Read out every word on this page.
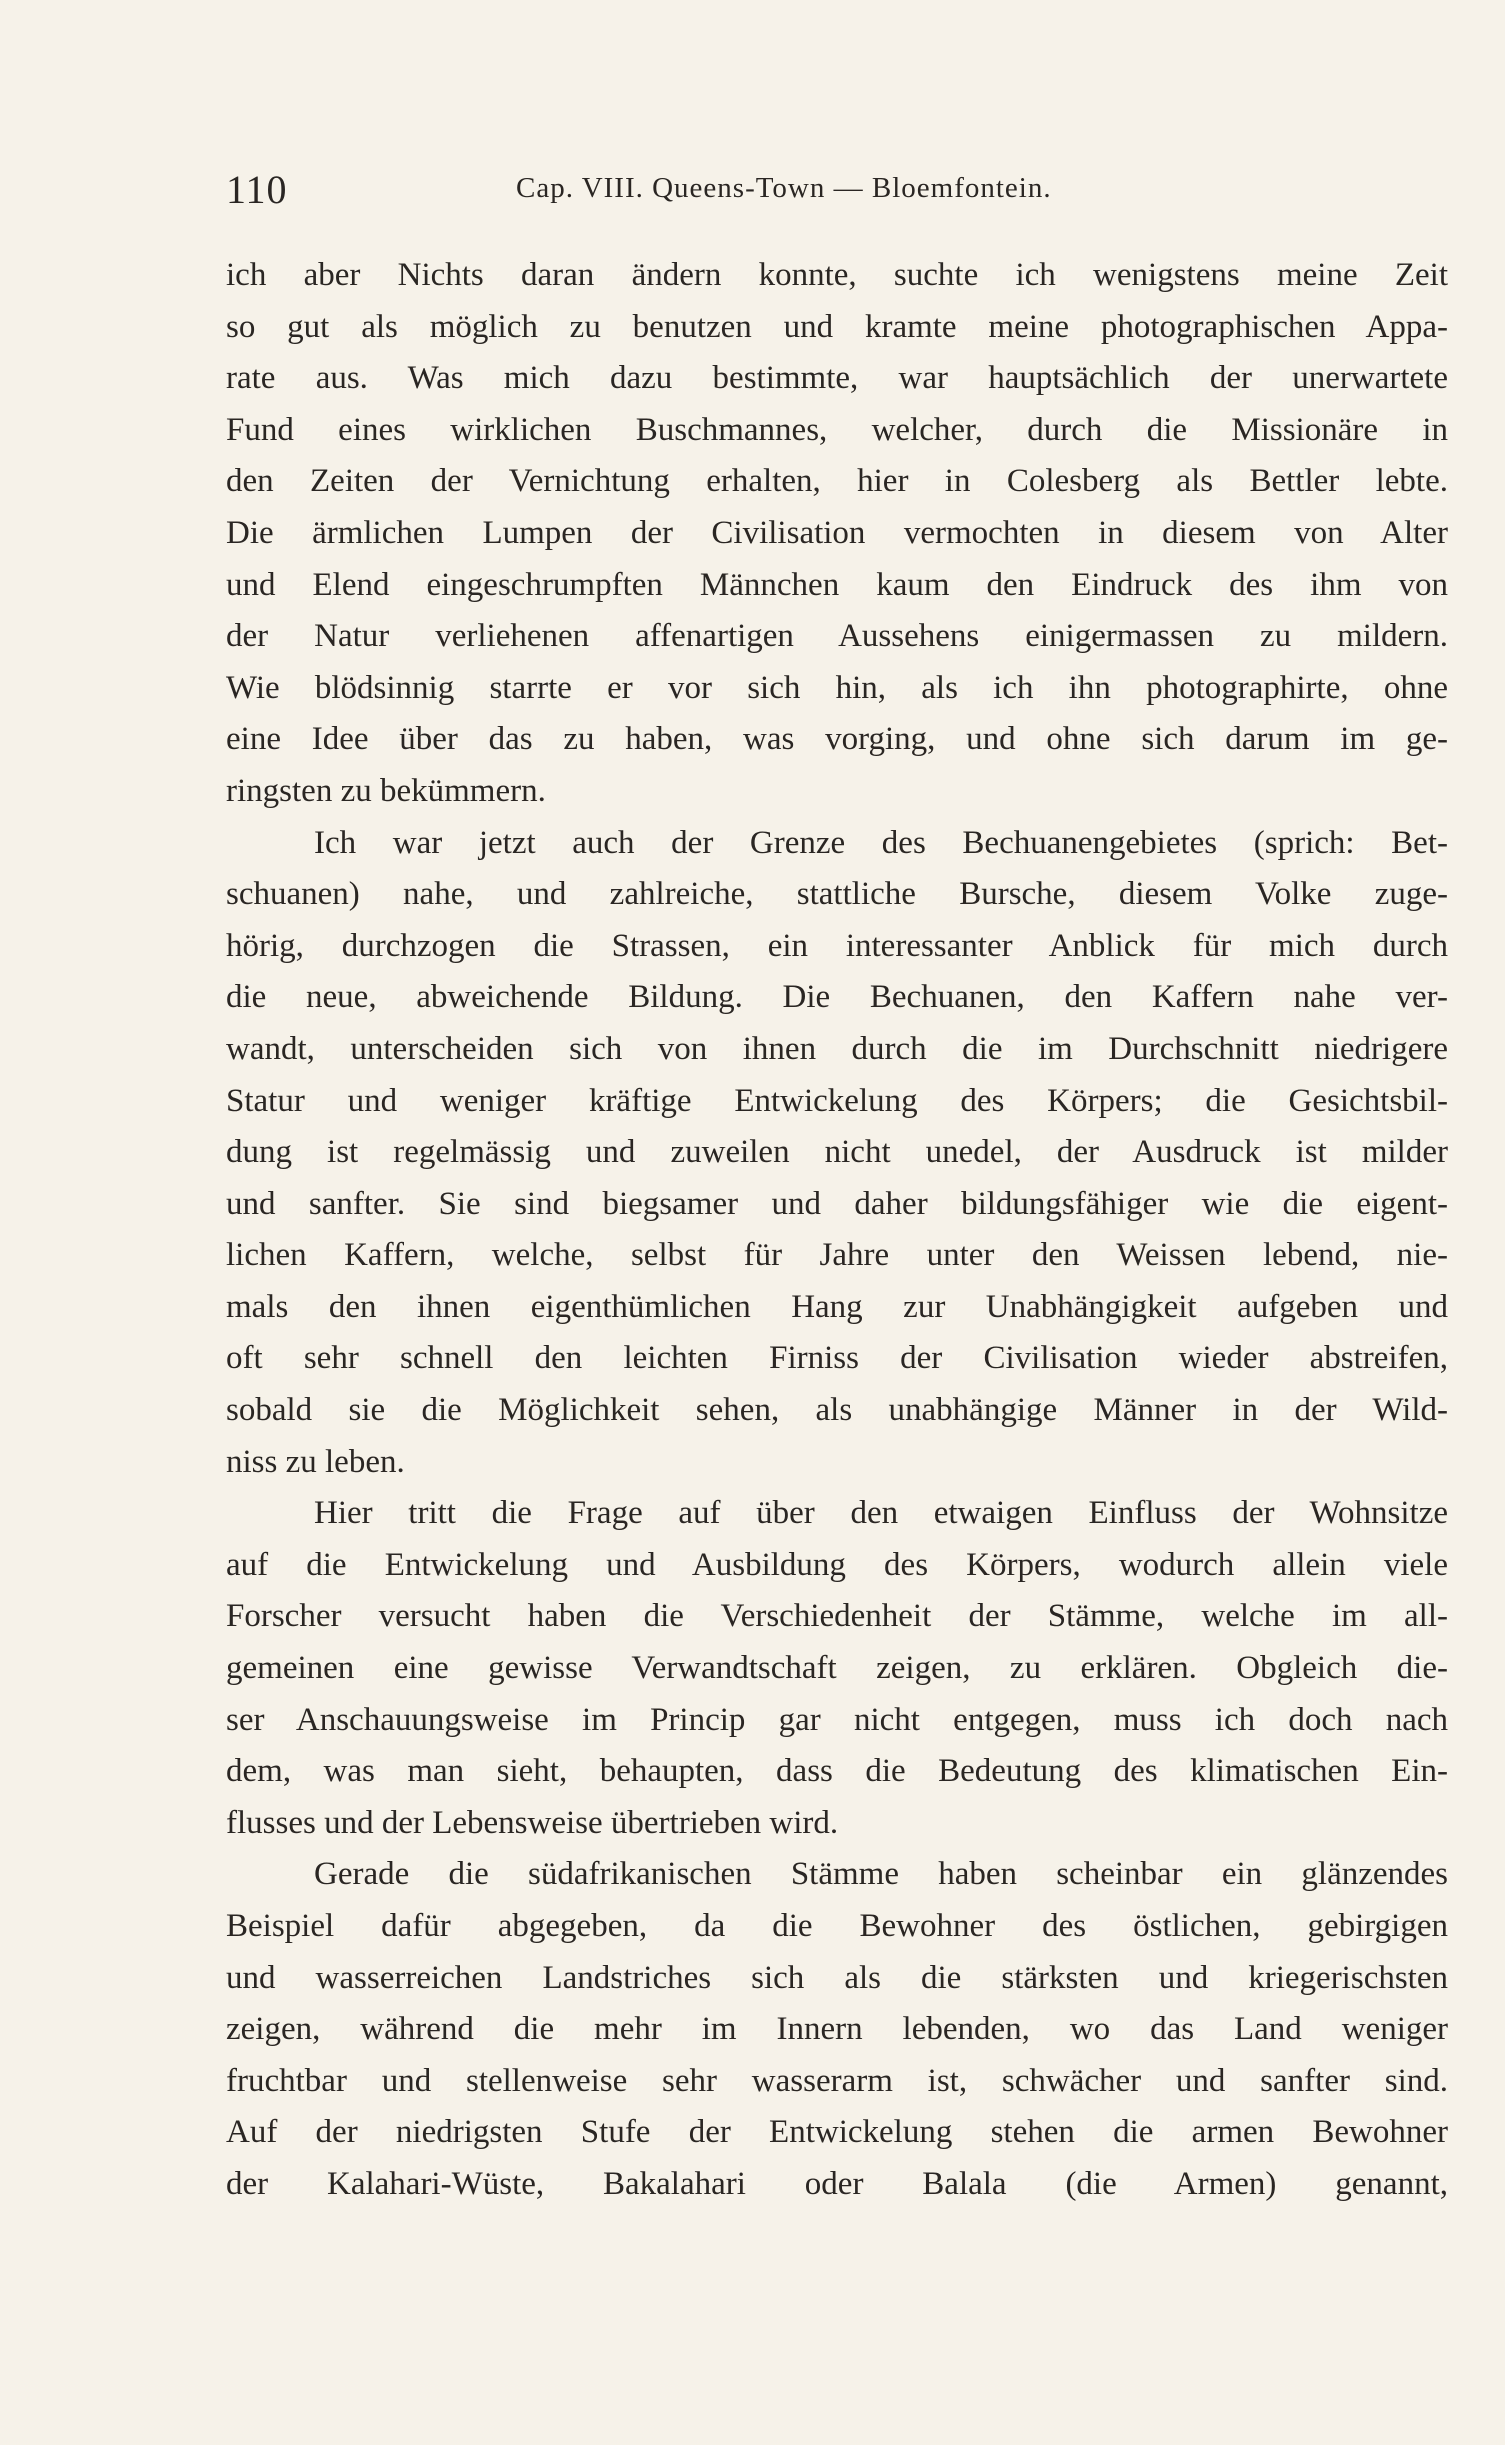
110	Cap. VIII. Queens-Town — Bloemfontein.
ich aber Nichts daran ändern konnte, suchte ich wenigstens meine Zeit
so gut als möglich zu benutzen und kramte meine photographischen Appa-
rate aus. Was mich dazu bestimmte, war hauptsächlich der unerwartete
Fund eines wirklichen Buschmannes, welcher, durch die Missionäre in
den Zeiten der Vernichtung erhalten, hier in Colesberg als Bettler lebte.
Die ärmlichen Lumpen der Civilisation vermochten in diesem von Alter
und Elend eingeschrumpften Männchen kaum den Eindruck des ihm von
der Natur verliehenen affenartigen Aussehens einigermassen zu mildern.
Wie blödsinnig starrte er vor sich hin, als ich ihn photographirte, ohne
eine Idee über das zu haben, was vorging, und ohne sich darum im ge-
ringsten zu bekümmern.
Ich war jetzt auch der Grenze des Bechuanengebietes (sprich: Bet-
schuanen) nahe, und zahlreiche, stattliche Bursche, diesem Volke zuge-
hörig, durchzogen die Strassen, ein interessanter Anblick für mich durch
die neue, abweichende Bildung. Die Bechuanen, den Kaffern nahe ver-
wandt, unterscheiden sich von ihnen durch die im Durchschnitt niedrigere
Statur und weniger kräftige Entwickelung des Körpers; die Gesichtsbil-
dung ist regelmässig und zuweilen nicht unedel, der Ausdruck ist milder
und sanfter. Sie sind biegsamer und daher bildungsfähiger wie die eigent-
lichen Kaffern, welche, selbst für Jahre unter den Weissen lebend, nie-
mals den ihnen eigenthümlichen Hang zur Unabhängigkeit aufgeben und
oft sehr schnell den leichten Firniss der Civilisation wieder abstreifen,
sobald sie die Möglichkeit sehen, als unabhängige Männer in der Wild-
niss zu leben.
Hier tritt die Frage auf über den etwaigen Einfluss der Wohnsitze
auf die Entwickelung und Ausbildung des Körpers, wodurch allein viele
Forscher versucht haben die Verschiedenheit der Stämme, welche im all-
gemeinen eine gewisse Verwandtschaft zeigen, zu erklären. Obgleich die-
ser Anschauungsweise im Princip gar nicht entgegen, muss ich doch nach
dem, was man sieht, behaupten, dass die Bedeutung des klimatischen Ein-
flusses und der Lebensweise übertrieben wird.
Gerade die südafrikanischen Stämme haben scheinbar ein glänzendes
Beispiel dafür abgegeben, da die Bewohner des östlichen, gebirgigen
und wasserreichen Landstriches sich als die stärksten und kriegerischsten
zeigen, während die mehr im Innern lebenden, wo das Land weniger
fruchtbar und stellenweise sehr wasserarm ist, schwächer und sanfter sind.
Auf der niedrigsten Stufe der Entwickelung stehen die armen Bewohner
der Kalahari-Wüste, Bakalahari oder Balala (die Armen) genannt,
